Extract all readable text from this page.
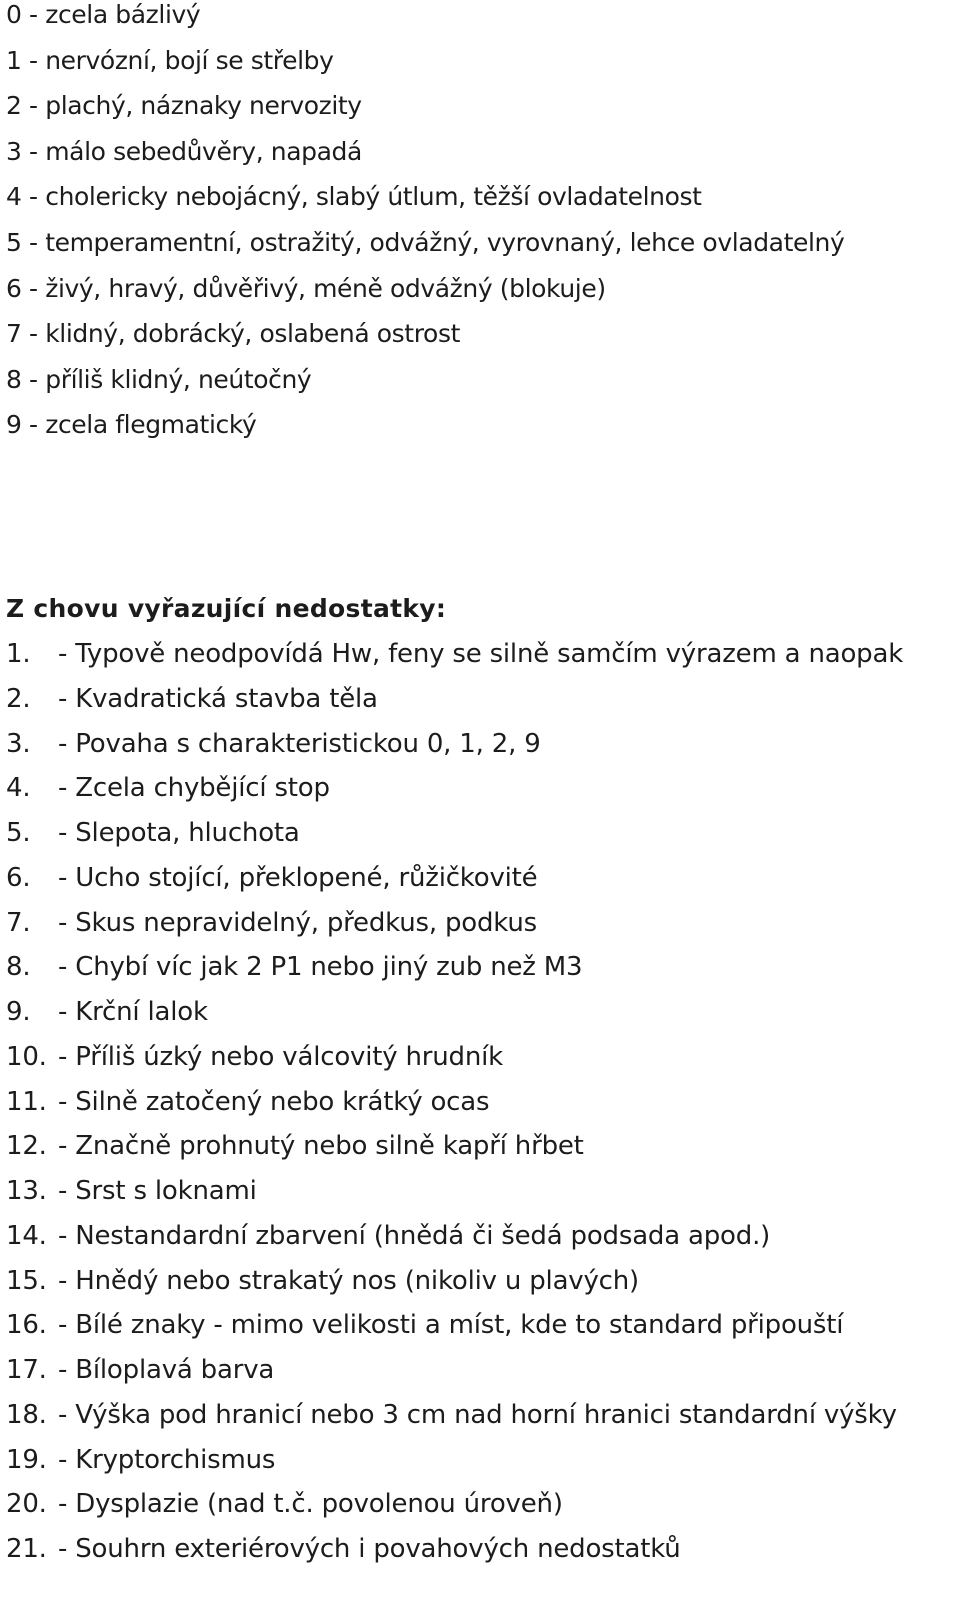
0 - zcela bázlivý
1 - nervózní, bojí se střelby
2 - plachý, náznaky nervozity
3 - málo sebedůvěry, napadá
4 - cholericky nebojácný, slabý útlum, těžší ovladatelnost
5 - temperamentní, ostražitý, odvážný, vyrovnaný, lehce ovladatelný
6 - živý, hravý, důvěřivý, méně odvážný (blokuje)
7 - klidný, dobrácký, oslabená ostrost
8 - příliš klidný, neútočný
9 - zcela flegmatický
Z chovu vyřazující nedostatky:
1.	- Typově neodpovídá Hw, feny se silně samčím výrazem a naopak
2.	- Kvadratická stavba těla
3.	- Povaha s charakteristickou 0, 1, 2, 9
4.	- Zcela chybějící stop
5.	- Slepota, hluchota
6.	- Ucho stojící, překlopené, růžičkovité
7.	- Skus nepravidelný, předkus, podkus
8.	- Chybí víc jak 2 P1 nebo jiný zub než M3
9.	- Krční lalok
10. - Příliš úzký nebo válcovitý hrudník
11. - Silně zatočený nebo krátký ocas
12. - Značně prohnutý nebo silně kapří hřbet
13. - Srst s loknami
14. - Nestandardní zbarvení (hnědá či šedá podsada apod.)
15. - Hnědý nebo strakatý nos (nikoliv u plavých)
16. - Bílé znaky - mimo velikosti a míst, kde to standard připouští
17. - Bíloplavá barva
18. - Výška pod hranicí nebo 3 cm nad horní hranici standardní výšky
19. - Kryptorchismus
20. - Dysplazie (nad t.č. povolenou úroveň)
21. - Souhrn exteriérových i povahových nedostatků
